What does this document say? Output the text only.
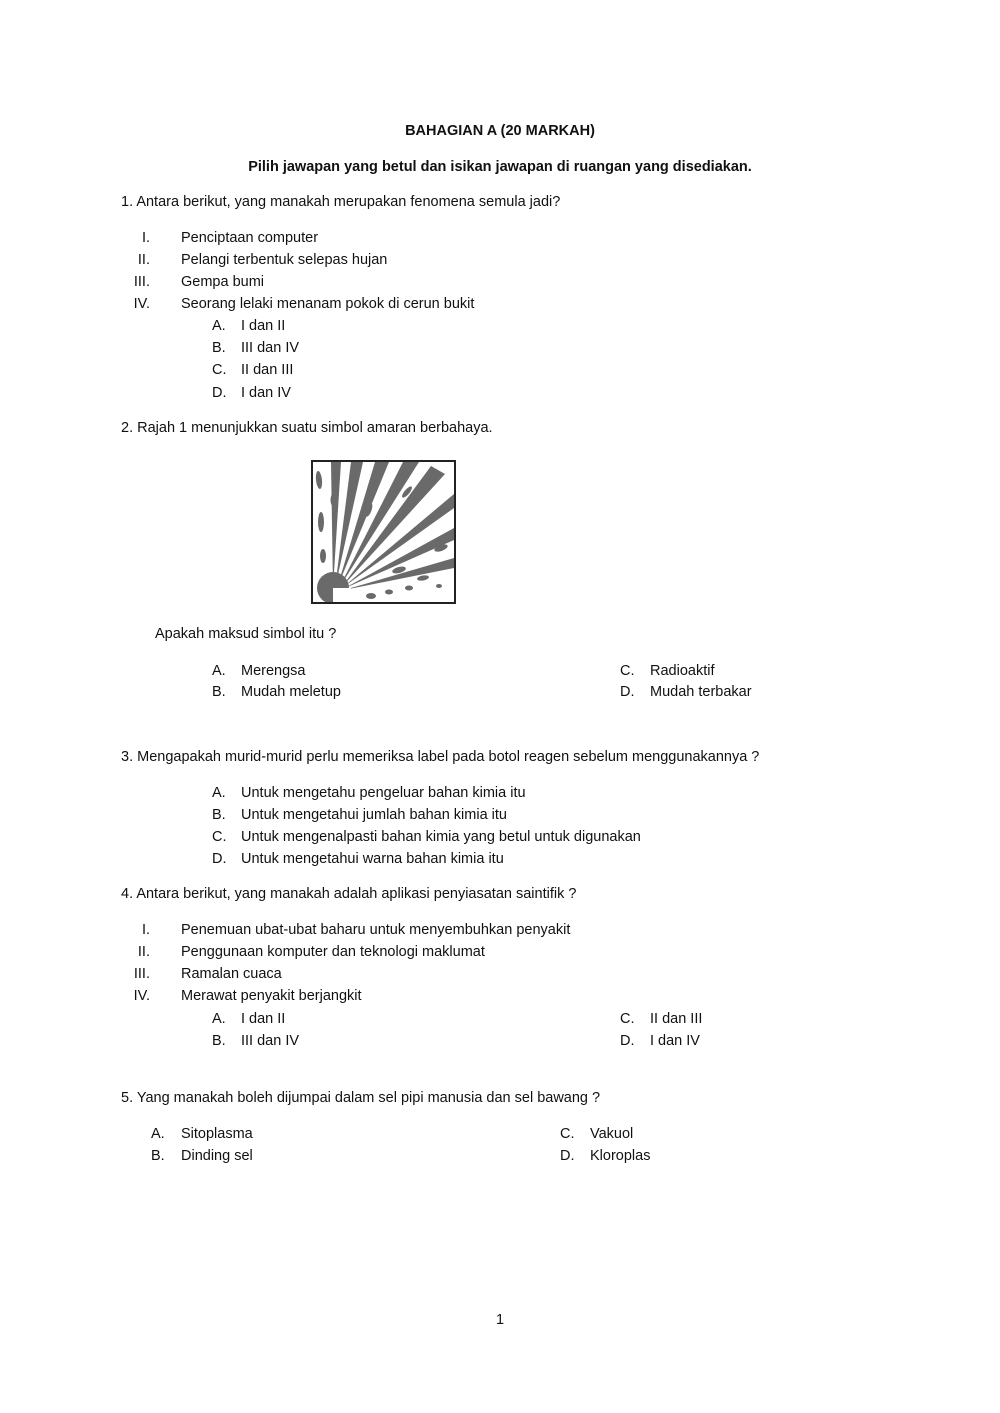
BAHAGIAN A (20 MARKAH)
Pilih jawapan yang betul dan isikan jawapan di ruangan yang disediakan.
1. Antara berikut, yang manakah merupakan fenomena semula jadi?
I. Penciptaan computer
II. Pelangi terbentuk selepas hujan
III. Gempa bumi
IV. Seorang lelaki menanam pokok di cerun bukit
A.	I dan II
B.	III dan IV
C.	II dan III
D.	I dan IV
2. Rajah 1 menunjukkan suatu simbol amaran berbahaya.
Apakah maksud simbol itu ?
A.	Merengsa
B.	Mudah meletup
C.	Radioaktif
D.	Mudah terbakar
3. Mengapakah murid-murid perlu memeriksa label pada botol reagen sebelum menggunakannya ?
A.	Untuk mengetahu pengeluar bahan kimia itu
B.	Untuk mengetahui jumlah bahan kimia itu
C.	Untuk mengenalpasti bahan kimia yang betul untuk digunakan
D.	Untuk mengetahui warna bahan kimia itu
4. Antara berikut, yang manakah adalah aplikasi penyiasatan saintifik ?
I. Penemuan ubat-ubat baharu untuk menyembuhkan penyakit
II. Penggunaan komputer dan teknologi maklumat
III. Ramalan cuaca
IV. Merawat penyakit berjangkit
A.	I dan II
B.	III dan IV
C.	II dan III
D.	I dan IV
5. Yang manakah boleh dijumpai dalam sel pipi manusia dan sel bawang ?
A.	Sitoplasma
B.	Dinding sel
C.	Vakuol
D.	Kloroplas
1
